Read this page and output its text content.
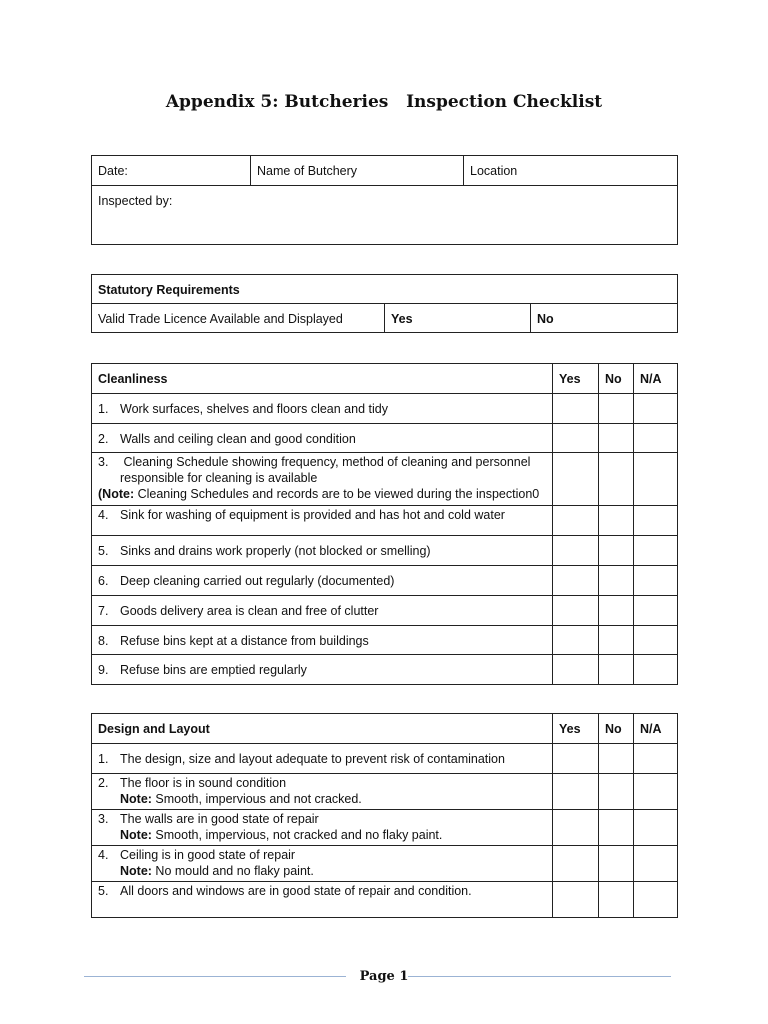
Appendix 5: Butcheries   Inspection Checklist
Date:	Name of Butchery	Location

Inspected by:
Statutory Requirements

Valid Trade Licence Available and Displayed	Yes	No
Cleanliness	Yes	No	N/A

1. Work surfaces, shelves and floors clean and tidy			

2. Walls and ceiling clean and good condition			

3. Cleaning Schedule showing frequency, method of cleaning and personnel
responsible for cleaning is available
(Note: Cleaning Schedules and records are to be viewed during the inspection0			

4. Sink for washing of equipment is provided and has hot and cold water			

5. Sinks and drains work properly (not blocked or smelling)			

6. Deep cleaning carried out regularly (documented)			

7. Goods delivery area is clean and free of clutter			

8. Refuse bins kept at a distance from buildings			

9. Refuse bins are emptied regularly			

Design and Layout	Yes	No	N/A

1. The design, size and layout adequate to prevent risk of contamination			

2. The floor is in sound condition
Note: Smooth, impervious and not cracked.			

3. The walls are in good state of repair
Note: Smooth, impervious, not cracked and no flaky paint.			

4. Ceiling is in good state of repair
Note: No mould and no flaky paint.			

5. All doors and windows are in good state of repair and condition.			

Page 1
